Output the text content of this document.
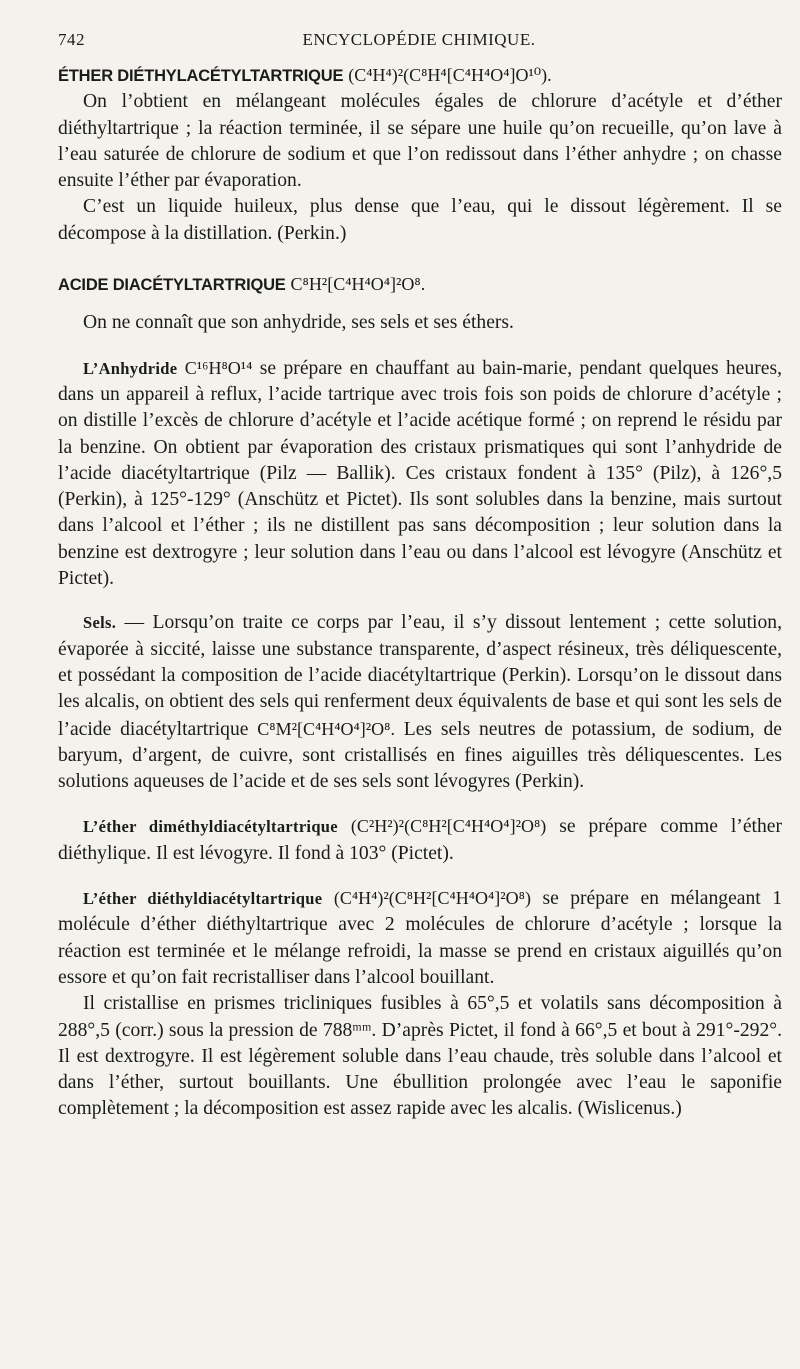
742	ENCYCLOPÉDIE CHIMIQUE.

ÉTHER DIÉTHYLACÉTYLTARTRIQUE (C⁴H⁴)²(C⁸H⁴[C⁴H⁴O⁴]O¹⁰).

On l’obtient en mélangeant molécules égales de chlorure d’acétyle et d’éther diéthyltartrique ; la réaction terminée, il se sépare une huile qu’on recueille, qu’on lave à l’eau saturée de chlorure de sodium et que l’on redissout dans l’éther anhydre ; on chasse ensuite l’éther par évaporation.

C’est un liquide huileux, plus dense que l’eau, qui le dissout légèrement. Il se décompose à la distillation. (Perkin.)

ACIDE DIACÉTYLTARTRIQUE C⁸H²[C⁴H⁴O⁴]²O⁸.

On ne connaît que son anhydride, ses sels et ses éthers.

L’Anhydride C¹⁶H⁸O¹⁴ se prépare en chauffant au bain-marie, pendant quelques heures, dans un appareil à reflux, l’acide tartrique avec trois fois son poids de chlorure d’acétyle ; on distille l’excès de chlorure d’acétyle et l’acide acétique formé ; on reprend le résidu par la benzine. On obtient par évaporation des cristaux prismatiques qui sont l’anhydride de l’acide diacétyltartrique (Pilz — Ballik). Ces cristaux fondent à 135° (Pilz), à 126°,5 (Perkin), à 125°-129° (Anschütz et Pictet). Ils sont solubles dans la benzine, mais surtout dans l’alcool et l’éther ; ils ne distillent pas sans décomposition ; leur solution dans la benzine est dextrogyre ; leur solution dans l’eau ou dans l’alcool est lévogyre (Anschütz et Pictet).

Sels. — Lorsqu’on traite ce corps par l’eau, il s’y dissout lentement ; cette solution, évaporée à siccité, laisse une substance transparente, d’aspect résineux, très déliquescente, et possédant la composition de l’acide diacétyltartrique (Perkin). Lorsqu’on le dissout dans les alcalis, on obtient des sels qui renferment deux équivalents de base et qui sont les sels de l’acide diacétyltartrique C⁸M²[C⁴H⁴O⁴]²O⁸. Les sels neutres de potassium, de sodium, de baryum, d’argent, de cuivre, sont cristallisés en fines aiguilles très déliquescentes. Les solutions aqueuses de l’acide et de ses sels sont lévogyres (Perkin).

L’éther diméthyldiacétyltartrique (C²H²)²(C⁸H²[C⁴H⁴O⁴]²O⁸) se prépare comme l’éther diéthylique. Il est lévogyre. Il fond à 103° (Pictet).

L’éther diéthyldiacétyltartrique (C⁴H⁴)²(C⁸H²[C⁴H⁴O⁴]²O⁸) se prépare en mélangeant 1 molécule d’éther diéthyltartrique avec 2 molécules de chlorure d’acétyle ; lorsque la réaction est terminée et le mélange refroidi, la masse se prend en cristaux aiguillés qu’on essore et qu’on fait recristalliser dans l’alcool bouillant.

Il cristallise en prismes tricliniques fusibles à 65°,5 et volatils sans décomposition à 288°,5 (corr.) sous la pression de 788ᵐᵐ. D’après Pictet, il fond à 66°,5 et bout à 291°-292°. Il est dextrogyre. Il est légèrement soluble dans l’eau chaude, très soluble dans l’alcool et dans l’éther, surtout bouillants. Une ébullition prolongée avec l’eau le saponifie complètement ; la décomposition est assez rapide avec les alcalis. (Wislicenus.)
